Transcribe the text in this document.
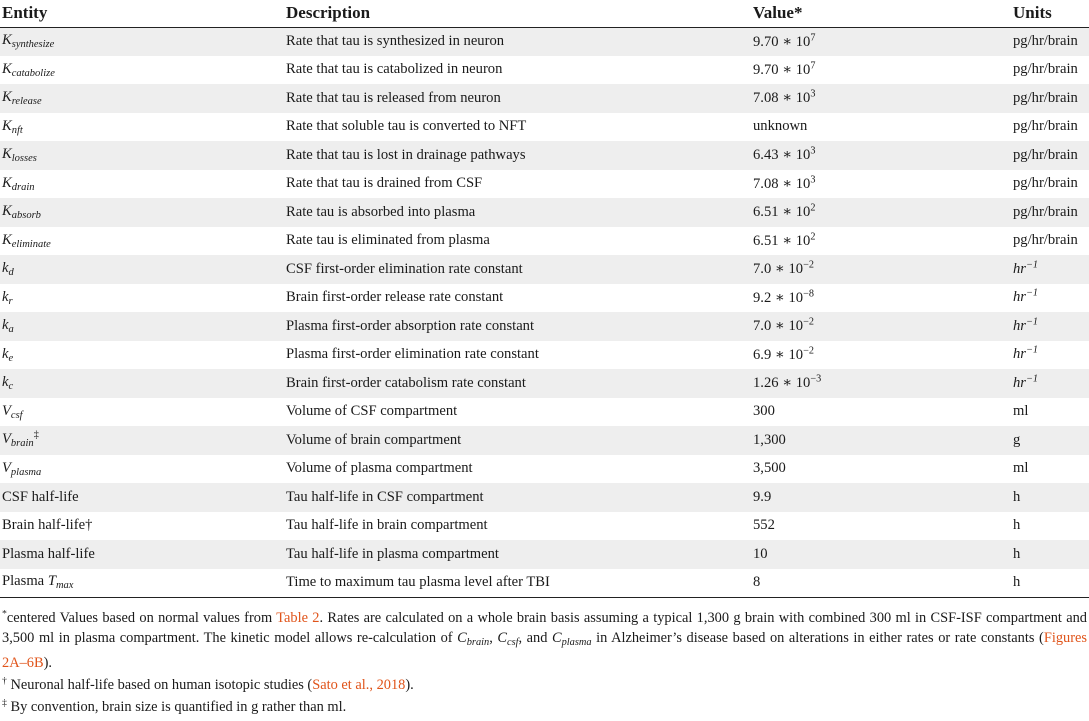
Entity	Description	Value*	Units
$K_{synthesize}$	Rate that tau is synthesized in neuron	9.70 ∗ $10^7$	pg/hr/brain
$K_{catabolize}$	Rate that tau is catabolized in neuron	9.70 ∗ $10^7$	pg/hr/brain
$K_{release}$	Rate that tau is released from neuron	7.08 ∗ $10^3$	pg/hr/brain
$K_{nft}$	Rate that soluble tau is converted to NFT	unknown	pg/hr/brain
$K_{losses}$	Rate that tau is lost in drainage pathways	6.43 ∗ $10^3$	pg/hr/brain
$K_{drain}$	Rate that tau is drained from CSF	7.08 ∗ $10^3$	pg/hr/brain
$K_{absorb}$	Rate tau is absorbed into plasma	6.51 ∗ $10^2$	pg/hr/brain
$K_{eliminate}$	Rate tau is eliminated from plasma	6.51 ∗ $10^2$	pg/hr/brain
$k_d$	CSF first-order elimination rate constant	7.0 ∗ $10^{-2}$	$hr^{-1}$
$k_r$	Brain first-order release rate constant	9.2 ∗ $10^{-8}$	$hr^{-1}$
$k_a$	Plasma first-order absorption rate constant	7.0 ∗ $10^{-2}$	$hr^{-1}$
$k_e$	Plasma first-order elimination rate constant	6.9 ∗ $10^{-2}$	$hr^{-1}$
$k_c$	Brain first-order catabolism rate constant	1.26 ∗ $10^{-3}$	$hr^{-1}$
$V_{csf}$	Volume of CSF compartment	300	ml
$V_{brain}^\ddagger$	Volume of brain compartment	1,300	g
$V_{plasma}$	Volume of plasma compartment	3,500	ml
CSF half-life	Tau half-life in CSF compartment	9.9	h
Brain half-life†	Tau half-life in brain compartment	552	h
Plasma half-life	Tau half-life in plasma compartment	10	h
Plasma $T_{max}$	Time to maximum tau plasma level after TBI	8	h

*centered Values based on normal values from Table 2. Rates are calculated on a whole brain basis assuming a typical 1,300 g brain with combined 300 ml in CSF-ISF compartment and 3,500 ml in plasma compartment. The kinetic model allows re-calculation of $C_{brain}$, $C_{csf}$, and $C_{plasma}$ in Alzheimer’s disease based on alterations in either rates or rate constants (Figures 2A–6B).

† Neuronal half-life based on human isotopic studies (Sato et al., 2018).

‡ By convention, brain size is quantified in g rather than ml.
